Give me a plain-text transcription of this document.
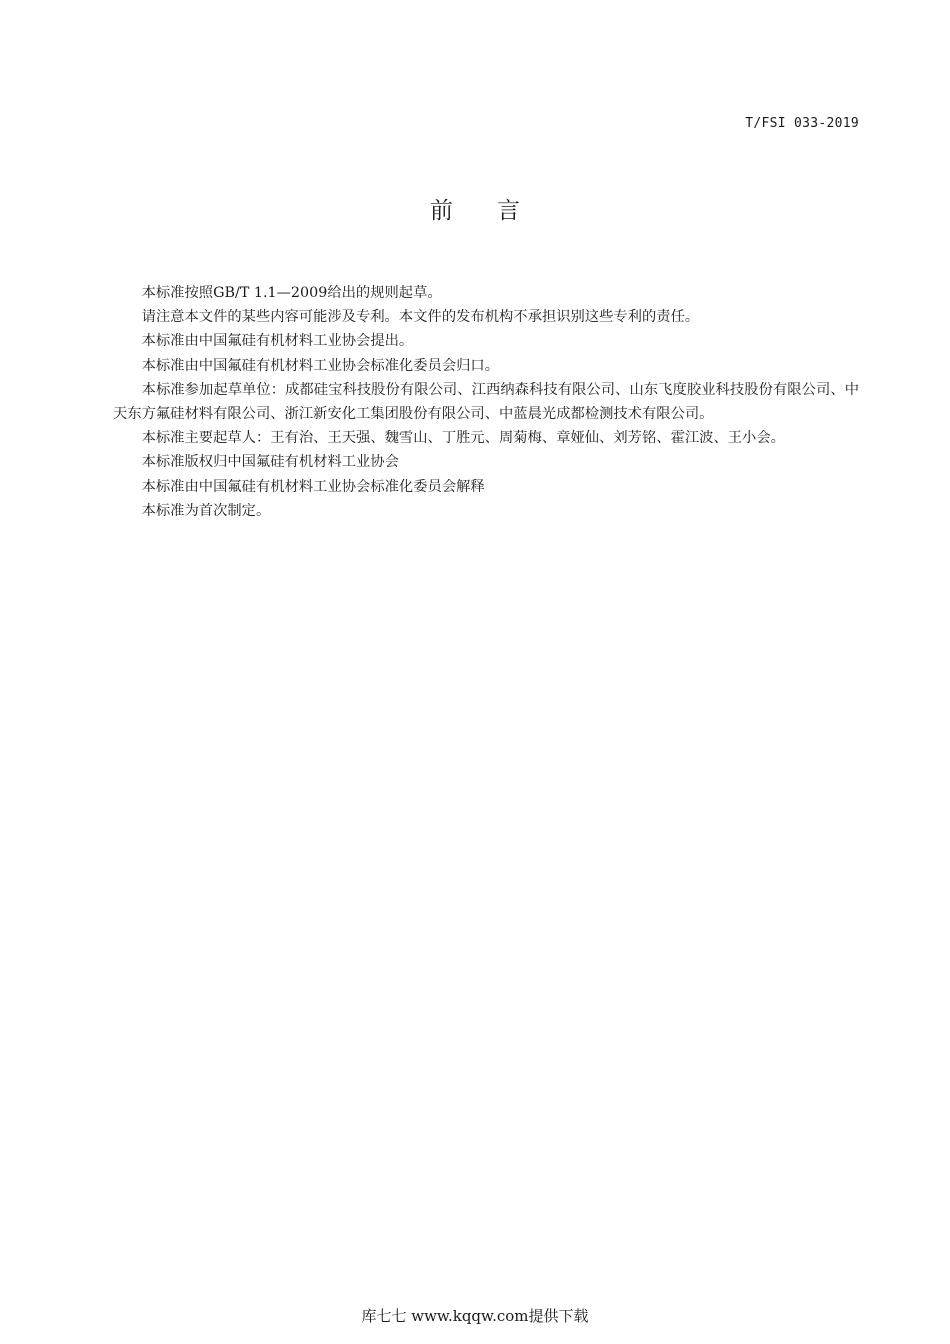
T/FSI 033-2019
前言

本标准按照GB/T 1.1—2009给出的规则起草。

请注意本文件的某些内容可能涉及专利。本文件的发布机构不承担识别这些专利的责任。

本标准由中国氟硅有机材料工业协会提出。

本标准由中国氟硅有机材料工业协会标准化委员会归口。

本标准参加起草单位：成都硅宝科技股份有限公司、江西纳森科技有限公司、山东飞度胶业科技股份有限公司、中天东方氟硅材料有限公司、浙江新安化工集团股份有限公司、中蓝晨光成都检测技术有限公司。

本标准主要起草人：王有治、王天强、魏雪山、丁胜元、周菊梅、章娅仙、刘芳铭、霍江波、王小会。

本标准版权归中国氟硅有机材料工业协会

本标准由中国氟硅有机材料工业协会标准化委员会解释

本标准为首次制定。

库七七 www.kqqw.com提供下载
